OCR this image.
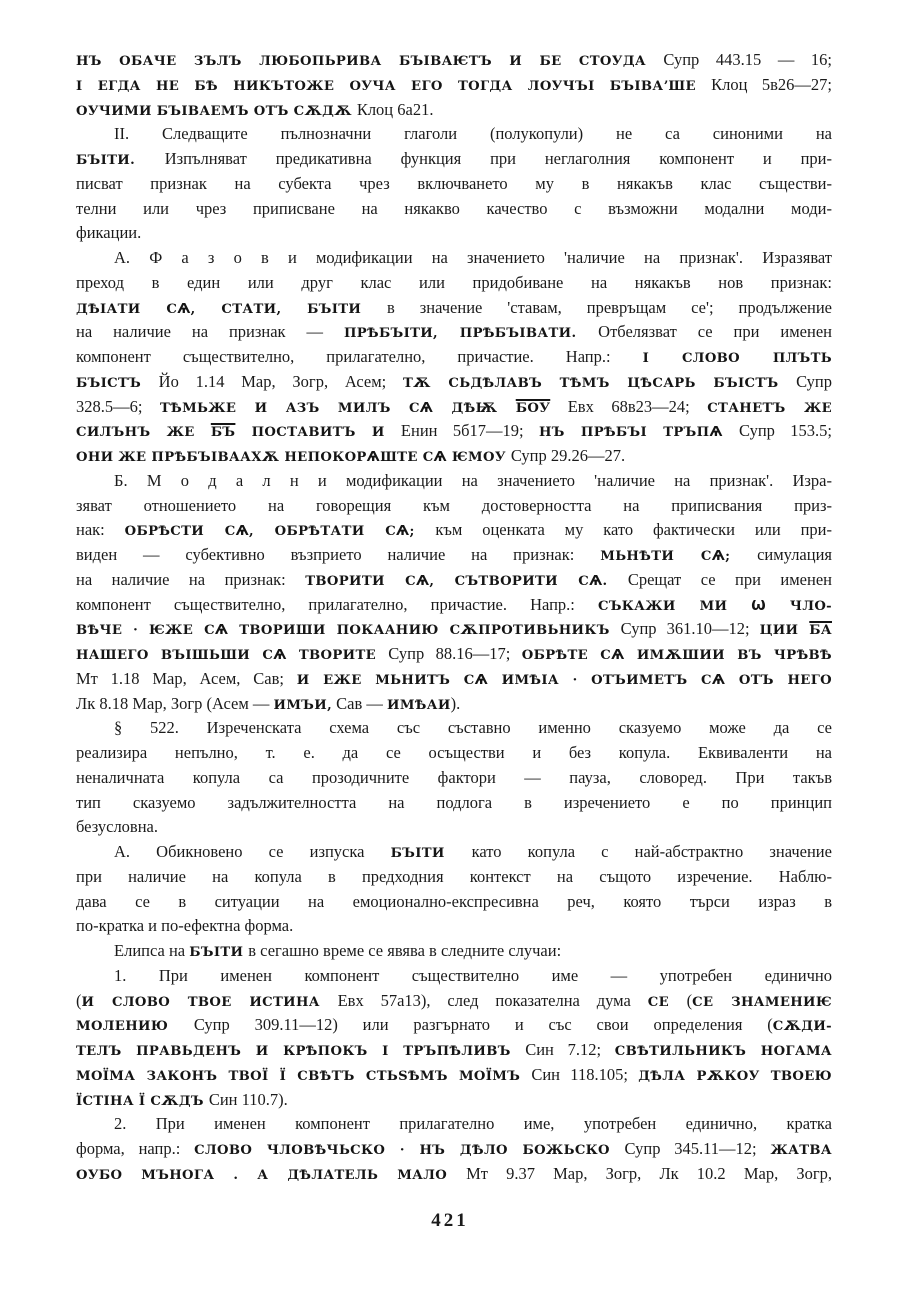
НЪ ОБАЧЕ ЗЪЛЪ ЛЮБОПЬРИВА БЪІВАѤТЪ И БЕ СТОУДА Супр 443.15 — 16;
І ЕГДА НЕ БѢ НИКЪТОЖЕ ОУЧА ЕГО ТОГДА ЛОУЧЪІ БЪІВАʼШЕ Клоц 5в26—27;
ОУЧИМИ БЪІВАЕМЪ ОТЪ СѪДѪ Клоц 6а21.
II. Следващите пълнозначни глаголи (полукопули) не са синоними на
БЪІТИ. Изпълняват предикативна функция при неглаголния компонент и при-
писват признак на субекта чрез включването му в някакъв клас съществи-
телни или чрез приписване на някакво качество с възможни модални моди-
фикации.
А. Ф а з о в и модификации на значението 'наличие на признак'. Изразяват
преход в един или друг клас или придобиване на някакъв нов признак:
ДѢІАТИ СѦ, СТАТИ, БЪІТИ в значение 'ставам, превръщам се'; продължение
на наличие на признак — ПРѢБЪІТИ, ПРѢБЪІВАТИ. Отбелязват се при именен
компонент съществително, прилагателно, причастие. Напр.: І СЛОВО ПЛЪТЬ
БЪІСТЪ Йо 1.14 Мар, Зогр, Асем; ТѪ СЬДѢЛАВЪ ТѢМЪ ЦѢСАРЬ БЪІСТЪ Супр
328.5—6; ТѢМЬЖЕ И АЗЪ МИЛЪ СѦ ДѢѬ БОУ Евх 68в23—24; СТАНЕТЪ ЖЕ
СИЛЪНЪ ЖЕ БЪ ПОСТАВИТЪ И Енин 5б17—19; НЪ ПРѢБЪІ ТРЪПѦ Супр 153.5;
ОНИ ЖЕ ПРѢБЪІВААХѪ НЕПОКОРѦШТЕ СѦ ѤМОУ Супр 29.26—27.
Б. М о д а л н и модификации на значението 'наличие на признак'. Изра-
зяват отношението на говорещия към достоверността на приписвания приз-
нак: ОБРѢСТИ СѦ, ОБРѢТАТИ СѦ; към оценката му като фактически или при-
виден — субективно възприето наличие на признак: МЬНѢТИ СѦ; симулация
на наличие на признак: ТВОРИТИ СѦ, СЪТВОРИТИ СѦ. Срещат се при именен
компонент съществително, прилагателно, причастие. Напр.: СЪКАЖИ МИ Ѡ ЧЛО-
ВѢЧЕ · ѤЖЕ СѦ ТВОРИШИ ПОКААНИЮ СѪПРОТИВЬНИКЪ Супр 361.10—12; ЦИИ БА
НАШЕГО ВЪІШЬШИ СѦ ТВОРИТЕ Супр 88.16—17; ОБРѢТЕ СѦ ИМѪШИИ ВЪ ЧРѢВѢ
Мт 1.18 Мар, Асем, Сав; И ЕЖЕ МЬНИТЪ СѦ ИМѢІА · ОТЪИМЕТЪ СѦ ОТЪ НЕГО
Лк 8.18 Мар, Зогр (Асем — ИМЪИ, Сав — ИМѢАИ).
§ 522. Изреченската схема със съставно именно сказуемо може да се
реализира непълно, т. е. да се осъществи и без копула. Еквиваленти на
неналичната копула са прозодичните фактори — пауза, словоред. При такъв
тип сказуемо задължителността на подлога в изречението е по принцип
безусловна.
А. Обикновено се изпуска БЪІТИ като копула с най-абстрактно значение
при наличие на копула в предходния контекст на същото изречение. Наблю-
дава се в ситуации на емоционално-експресивна реч, която търси израз в
по-кратка и по-ефектна форма.
Елипса на БЪІТИ в сегашно време се явява в следните случаи:
1. При именен компонент съществително име — употребен единично
(И СЛОВО ТВОЕ ИСТИНА Евх 57а13), след показателна дума СЕ (СЕ ЗНАМЕНИѤ
МОЛЕНИЮ Супр 309.11—12) или разгърнато и със свои определения (СѪДИ-
ТЕЛЪ ПРАВЬДЕНЪ И КРѢПОКЪ І ТРЪПѢЛИВЪ Син 7.12; СВѢТИЛЬНИКЪ НОГАМА
МОЇМА ЗАКОНЪ ТВОЇ Ї СВѢТЪ СТЬЅѢМЪ МОЇМЪ Син 118.105; ДѢЛА РѪКОУ ТВОЕЮ
ЇСТІНА Ї СѪДЪ Син 110.7).
2. При именен компонент прилагателно име, употребен единично, кратка
форма, напр.: СЛОВО ЧЛОВѢЧЬСКО · НЪ ДѢЛО БОЖЬСКО Супр 345.11—12; ЖАТВА
ОУБО МЪНОГА . А ДѢЛАТЕЛЬ МАЛО Мт 9.37 Мар, Зогр, Лк 10.2 Мар, Зогр,
421
